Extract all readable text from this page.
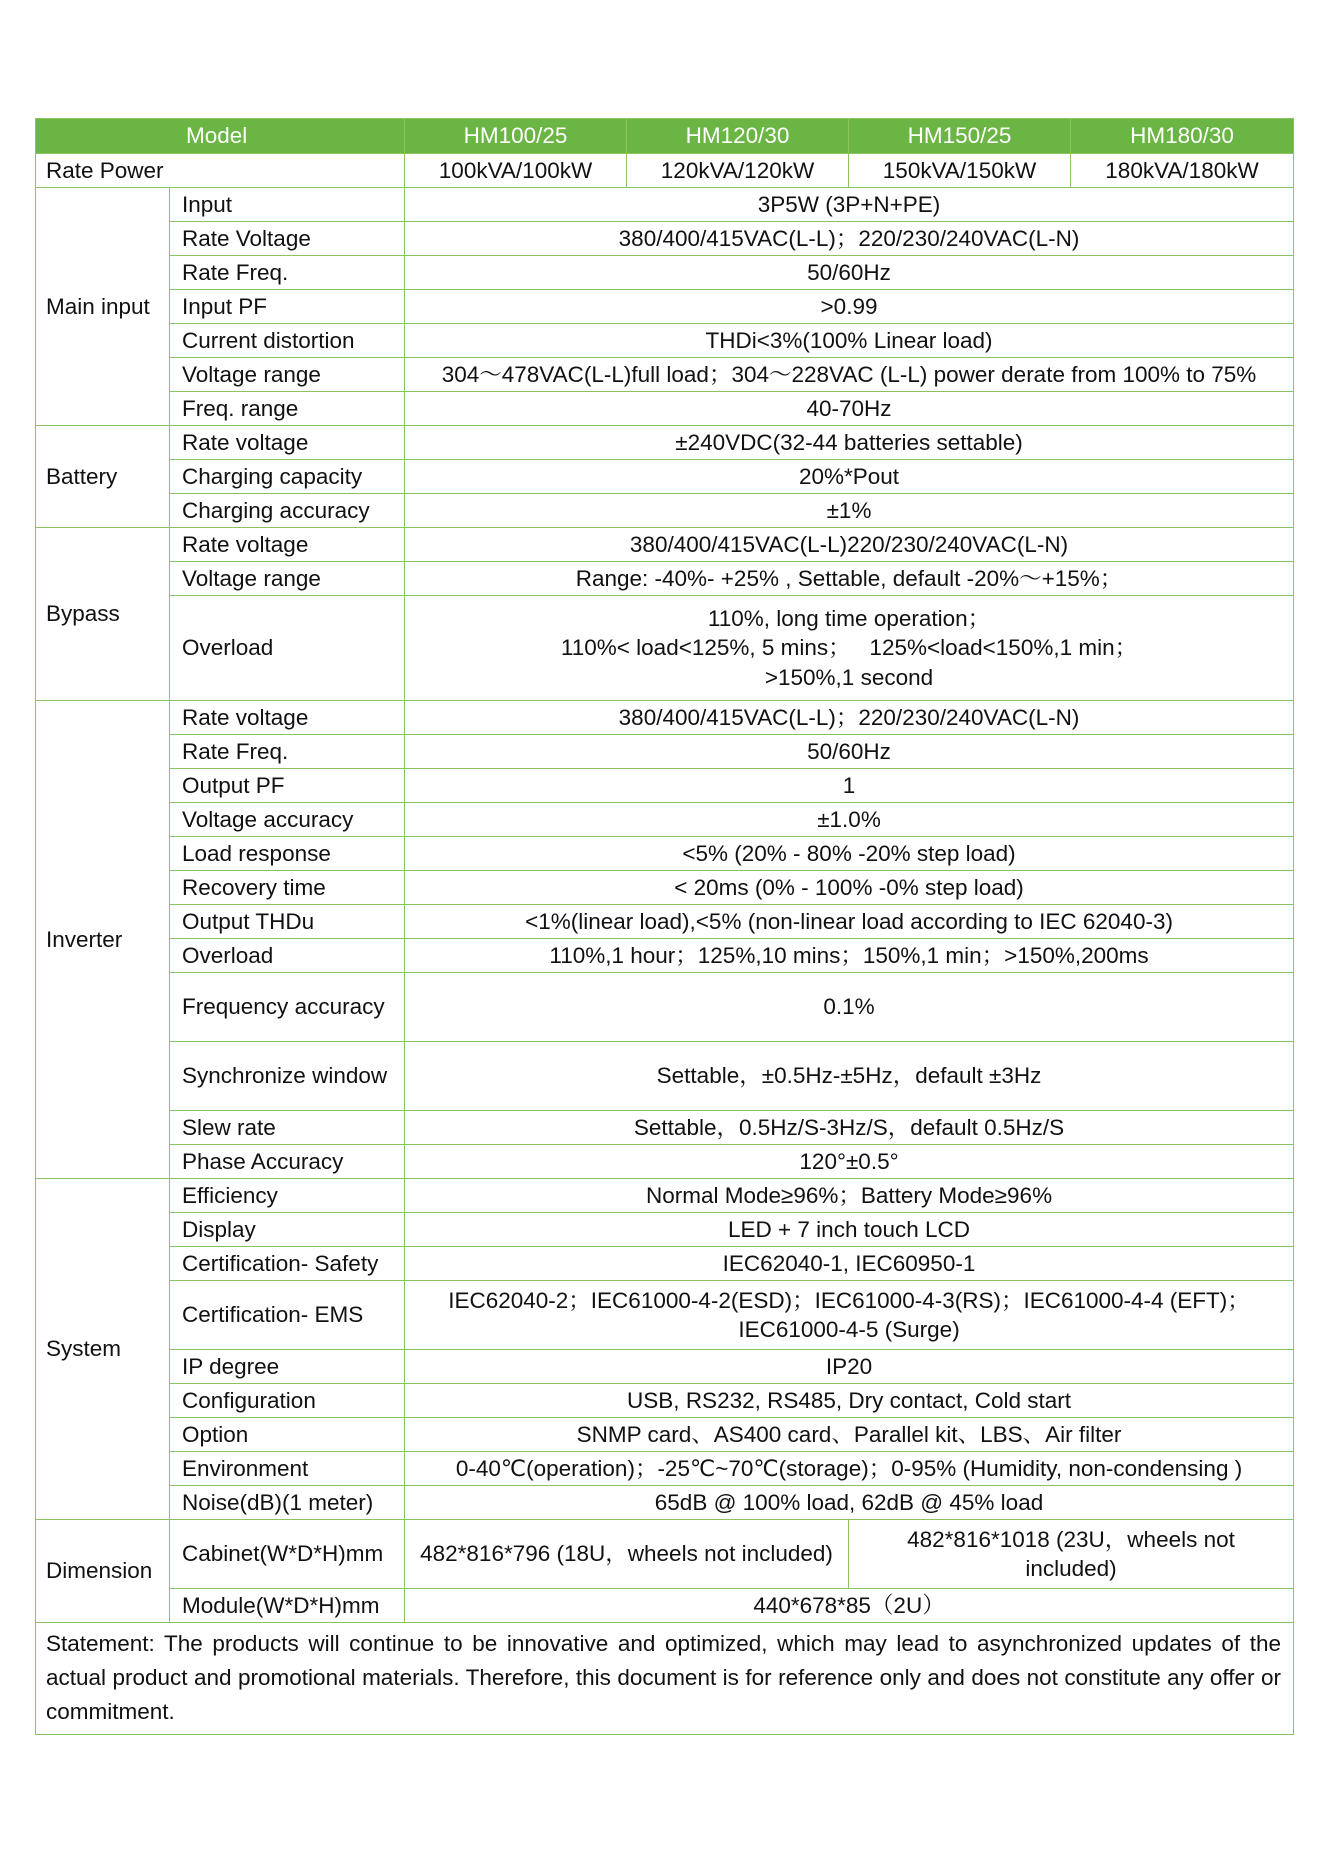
Model		HM100/25	HM120/30	HM150/25	HM180/30
Rate Power		100kVA/100kW	120kVA/120kW	150kVA/150kW	180kVA/180kW
Main input	Input	3P5W (3P+N+PE)			
	Rate Voltage	380/400/415VAC(L-L)；220/230/240VAC(L-N)			
	Rate Freq.	50/60Hz			
	Input PF	>0.99			
	Current distortion	THDi<3%(100% Linear load)			
	Voltage range	304～478VAC(L-L)full load；304～228VAC (L-L) power derate from 100% to 75%			
	Freq. range	40-70Hz			
Battery	Rate voltage	±240VDC(32-44 batteries settable)			
	Charging capacity	20%*Pout			
	Charging accuracy	±1%			
Bypass	Rate voltage	380/400/415VAC(L-L)220/230/240VAC(L-N)			
	Voltage range	Range: -40%- +25% , Settable, default -20%～+15%；			
	Overload	110%, long time operation；
110%< load<125%, 5 mins；   125%<load<150%,1 min；
>150%,1 second			

Inverter	Rate voltage	380/400/415VAC(L-L)；220/230/240VAC(L-N)			
	Rate Freq.	50/60Hz			
	Output PF	1			
	Voltage accuracy	±1.0%			
	Load response	<5% (20% - 80% -20% step load)			
	Recovery time	< 20ms (0% - 100% -0% step load)			
	Output THDu	<1%(linear load),<5% (non-linear load according to IEC 62040-3)			
	Overload	110%,1 hour；125%,10 mins；150%,1 min；>150%,200ms			
	Frequency accuracy	0.1%			
	Synchronize window	Settable，±0.5Hz-±5Hz，default ±3Hz			
	Slew rate	Settable，0.5Hz/S-3Hz/S，default 0.5Hz/S			
	Phase Accuracy	120°±0.5°			
System	Efficiency	Normal Mode≥96%；Battery Mode≥96%			
	Display	LED + 7 inch touch LCD			
	Certification- Safety	IEC62040-1, IEC60950-1			
	Certification- EMS	IEC62040-2；IEC61000-4-2(ESD)；IEC61000-4-3(RS)；IEC61000-4-4 (EFT)；
IEC61000-4-5 (Surge)			

	IP degree	IP20			
	Configuration	USB, RS232, RS485, Dry contact, Cold start			
	Option	SNMP card、AS400 card、Parallel kit、LBS、Air filter			
	Environment	0-40℃(operation)；-25℃~70℃(storage)；0-95% (Humidity, non-condensing )			
	Noise(dB)(1 meter)	65dB @ 100% load, 62dB @ 45% load			
Dimension	Cabinet(W*D*H)mm	482*816*796 (18U，wheels not included)		482*816*1018 (23U，wheels not included)	
	Module(W*D*H)mm	440*678*85（2U）			
Statement: The products will continue to be innovative and optimized, which may lead to asynchronized updates of the actual product and promotional materials. Therefore, this document is for reference only and does not constitute any offer or commitment.					
